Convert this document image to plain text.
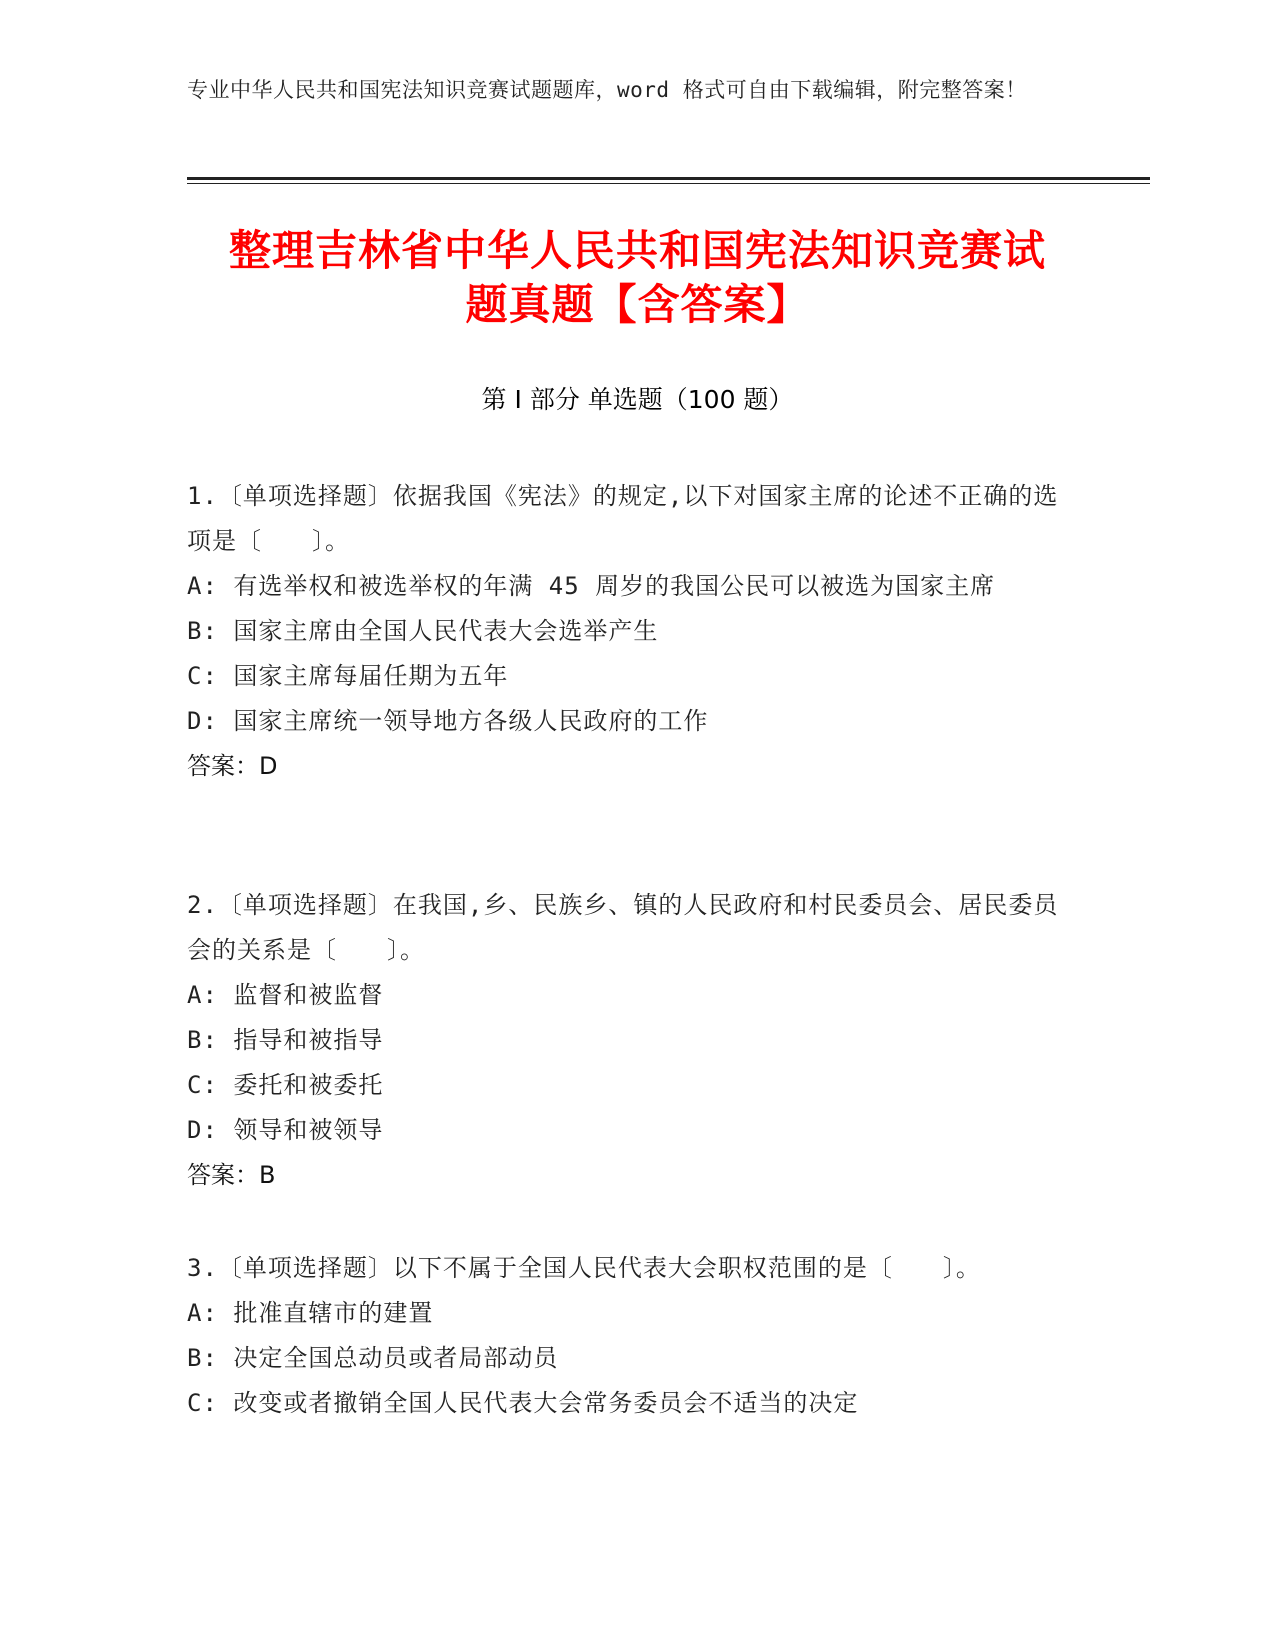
专业中华人民共和国宪法知识竞赛试题题库，word 格式可自由下载编辑，附完整答案！
整理吉林省中华人民共和国宪法知识竞赛试
题真题【含答案】
第 I 部分 单选题（100 题）
1.〔单项选择题〕依据我国《宪法》的规定,以下对国家主席的论述不正确的选项是〔　　〕。
A: 有选举权和被选举权的年满 45 周岁的我国公民可以被选为国家主席
B: 国家主席由全国人民代表大会选举产生
C: 国家主席每届任期为五年
D: 国家主席统一领导地方各级人民政府的工作
答案：D
2.〔单项选择题〕在我国,乡、民族乡、镇的人民政府和村民委员会、居民委员会的关系是〔　　〕。
A: 监督和被监督
B: 指导和被指导
C: 委托和被委托
D: 领导和被领导
答案：B
3.〔单项选择题〕以下不属于全国人民代表大会职权范围的是〔　　〕。
A: 批准直辖市的建置
B: 决定全国总动员或者局部动员
C: 改变或者撤销全国人民代表大会常务委员会不适当的决定
